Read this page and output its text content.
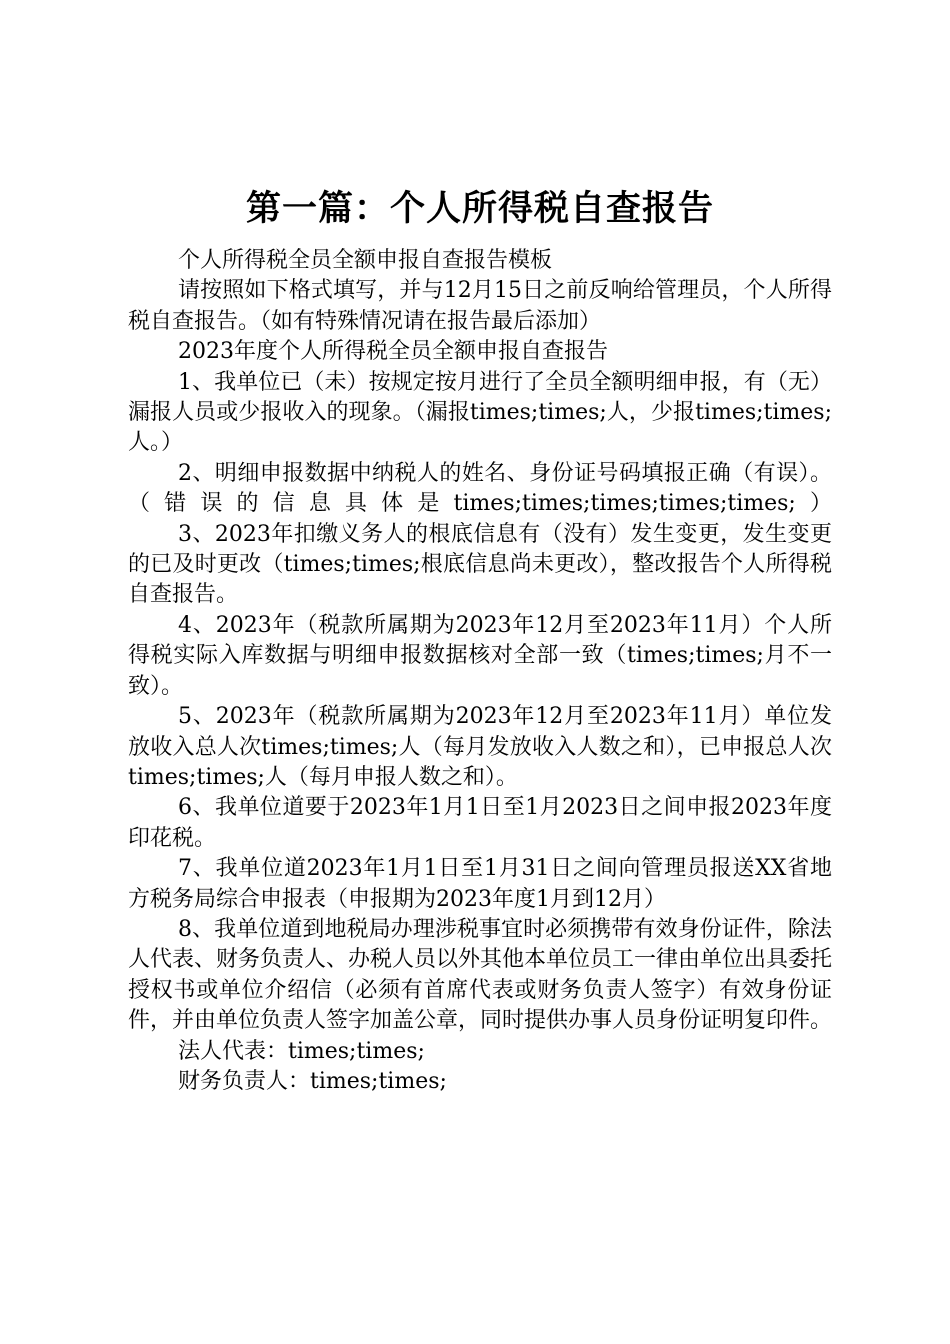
第一篇：个人所得税自查报告

个人所得税全员全额申报自查报告模板

请按照如下格式填写，并与12月15日之前反响给管理员，个人所得税自查报告。（如有特殊情况请在报告最后添加）

2023年度个人所得税全员全额申报自查报告

1、我单位已（未）按规定按月进行了全员全额明细申报，有（无）漏报人员或少报收入的现象。（漏报times;times;人，少报times;times;人。）

2、明细申报数据中纳税人的姓名、身份证号码填报正确（有误）。（错误的信息具体是times;times;times;times;times;）

3、2023年扣缴义务人的根底信息有（没有）发生变更，发生变更的已及时更改（times;times;根底信息尚未更改），整改报告个人所得税自查报告。

4、2023年（税款所属期为2023年12月至2023年11月）个人所得税实际入库数据与明细申报数据核对全部一致（times;times;月不一致）。

5、2023年（税款所属期为2023年12月至2023年11月）单位发放收入总人次times;times;人（每月发放收入人数之和），已申报总人次times;times;人（每月申报人数之和）。

6、我单位道要于2023年1月1日至1月2023日之间申报2023年度印花税。

7、我单位道2023年1月1日至1月31日之间向管理员报送XX省地方税务局综合申报表（申报期为2023年度1月到12月）

8、我单位道到地税局办理涉税事宜时必须携带有效身份证件，除法人代表、财务负责人、办税人员以外其他本单位员工一律由单位出具委托授权书或单位介绍信（必须有首席代表或财务负责人签字）有效身份证件，并由单位负责人签字加盖公章，同时提供办事人员身份证明复印件。

法人代表：times;times;

财务负责人：times;times;
